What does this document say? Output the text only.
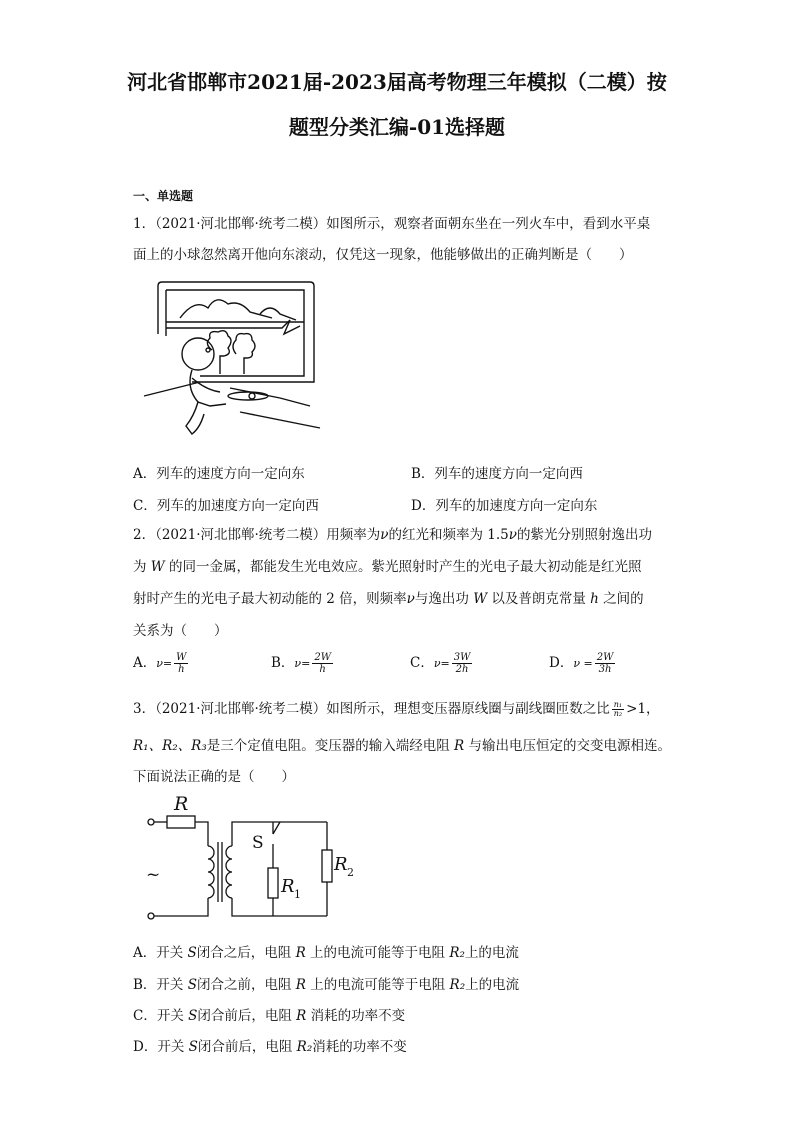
河北省邯郸市2021届-2023届高考物理三年模拟（二模）按
题型分类汇编-01选择题
一、单选题
1．（2021·河北邯郸·统考二模）如图所示，观察者面朝东坐在一列火车中，看到水平桌
面上的小球忽然离开他向东滚动，仅凭这一现象，他能够做出的正确判断是（　　）
A．列车的速度方向一定向东	B．列车的速度方向一定向西
C．列车的加速度方向一定向西	D．列车的加速度方向一定向东
2．（2021·河北邯郸·统考二模）用频率为ν的红光和频率为 1.5ν的紫光分别照射逸出功
为 W 的同一金属，都能发生光电效应。紫光照射时产生的光电子最大初动能是红光照
射时产生的光电子最大初动能的 2 倍，则频率ν与逸出功 W 以及普朗克常量 h 之间的
关系为（　　）
A．$\nu= \frac{W}{h}$	B．$\nu= \frac{2W}{h}$	C．$\nu= \frac{3W}{2h}$	D．$\nu = \frac{2W}{3h}$
3．（2021·河北邯郸·统考二模）如图所示，理想变压器原线圈与副线圈匝数之比 $\frac{\text{n₁}}{\text{n₂}} >1$，
R₁、R₂、R₃是三个定值电阻。变压器的输入端经电阻 R 与输出电压恒定的交变电源相连。
下面说法正确的是（　　）
R
S
R 1
R 2
~
A．开关 S闭合之后，电阻 R 上的电流可能等于电阻 R₂上的电流
B．开关 S闭合之前，电阻 R 上的电流可能等于电阻 R₂上的电流
C．开关 S闭合前后，电阻 R 消耗的功率不变
D．开关 S闭合前后，电阻 R₂消耗的功率不变
